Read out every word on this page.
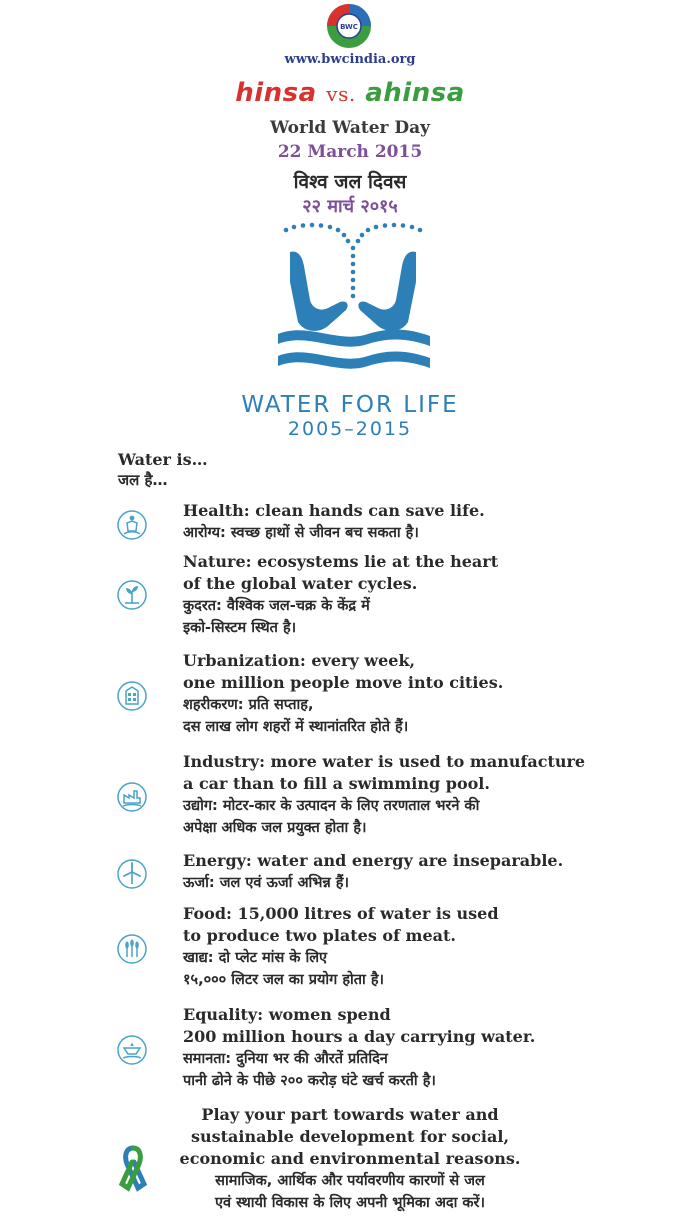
BWC
www.bwcindia.org
hinsa vs. ahinsa
World Water Day
22 March 2015
विश्व जल दिवस
२२ मार्च २०१५
WATER FOR LIFE
2005–2015
Water is…
जल है…
Health: clean hands can save life.
आरोग्य: स्वच्छ हाथों से जीवन बच सकता है।
Nature: ecosystems lie at the heart
of the global water cycles.
कुदरत: वैश्विक जल-चक्र के केंद्र में
इको-सिस्टम स्थित है।
Urbanization: every week,
one million people move into cities.
शहरीकरण: प्रति सप्ताह,
दस लाख लोग शहरों में स्थानांतरित होते हैं।
Industry: more water is used to manufacture
a car than to fill a swimming pool.
उद्योग: मोटर-कार के उत्पादन के लिए तरणताल भरने की
अपेक्षा अधिक जल प्रयुक्त होता है।
Energy: water and energy are inseparable.
ऊर्जा: जल एवं ऊर्जा अभिन्न हैं।
Food: 15,000 litres of water is used
to produce two plates of meat.
खाद्य: दो प्लेट मांस के लिए
१५,००० लिटर जल का प्रयोग होता है।
Equality: women spend
200 million hours a day carrying water.
समानता: दुनिया भर की औरतें प्रतिदिन
पानी ढोने के पीछे २०० करोड़ घंटे खर्च करती है।
Play your part towards water and
sustainable development for social,
economic and environmental reasons.
सामाजिक, आर्थिक और पर्यावरणीय कारणों से जल
एवं स्थायी विकास के लिए अपनी भूमिका अदा करें।
